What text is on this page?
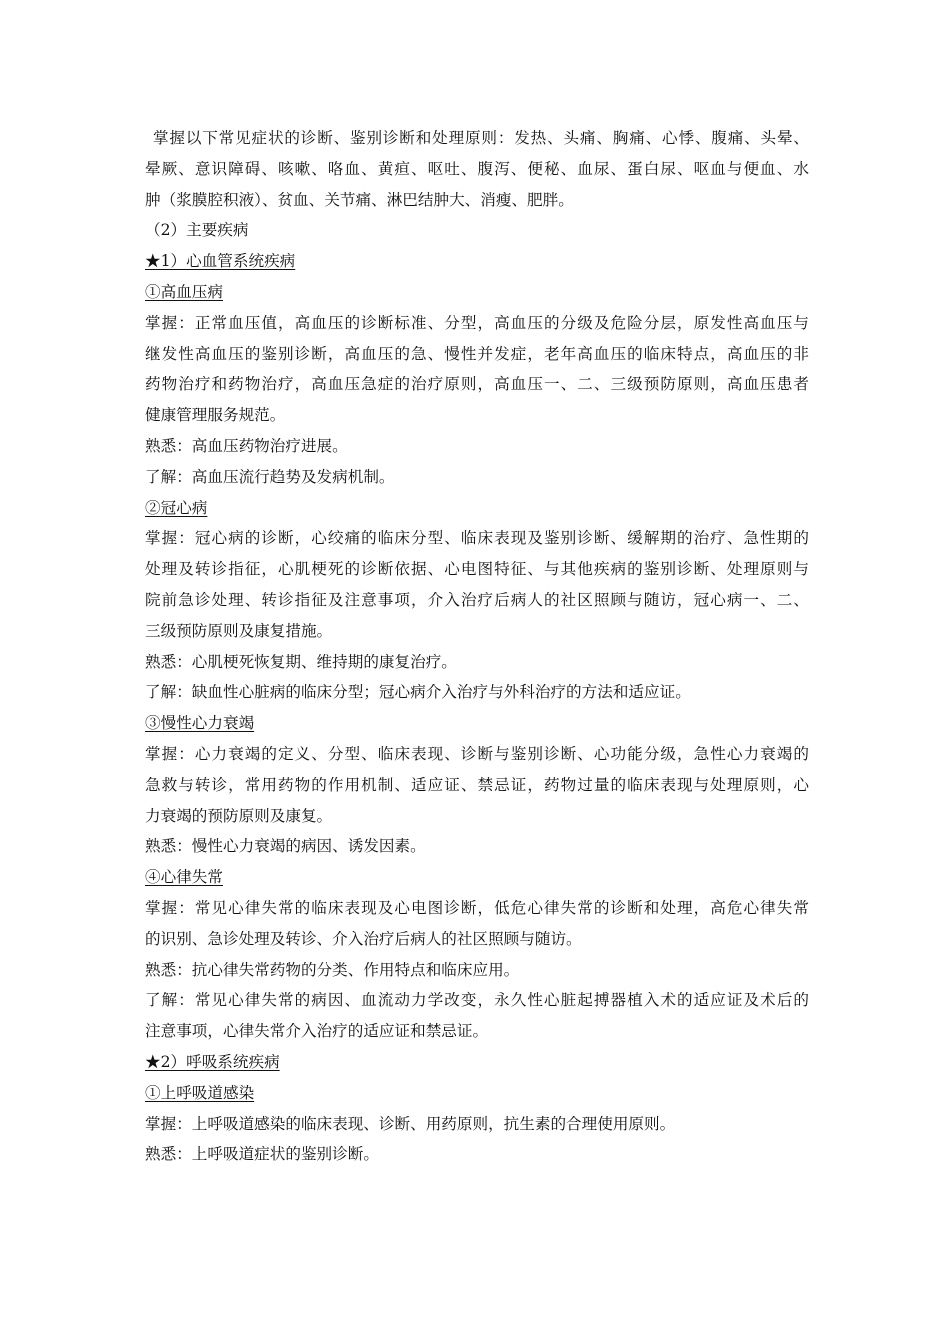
掌握以下常见症状的诊断、鉴别诊断和处理原则：发热、头痛、胸痛、心悸、腹痛、头晕、
晕厥、意识障碍、咳嗽、咯血、黄疸、呕吐、腹泻、便秘、血尿、蛋白尿、呕血与便血、水
肿（浆膜腔积液）、贫血、关节痛、淋巴结肿大、消瘦、肥胖。
（2）主要疾病
★1）心血管系统疾病
①高血压病
掌握：正常血压值，高血压的诊断标准、分型，高血压的分级及危险分层，原发性高血压与
继发性高血压的鉴别诊断，高血压的急、慢性并发症，老年高血压的临床特点，高血压的非
药物治疗和药物治疗，高血压急症的治疗原则，高血压一、二、三级预防原则，高血压患者
健康管理服务规范。
熟悉：高血压药物治疗进展。
了解：高血压流行趋势及发病机制。
②冠心病
掌握：冠心病的诊断，心绞痛的临床分型、临床表现及鉴别诊断、缓解期的治疗、急性期的
处理及转诊指征，心肌梗死的诊断依据、心电图特征、与其他疾病的鉴别诊断、处理原则与
院前急诊处理、转诊指征及注意事项，介入治疗后病人的社区照顾与随访，冠心病一、二、
三级预防原则及康复措施。
熟悉：心肌梗死恢复期、维持期的康复治疗。
了解：缺血性心脏病的临床分型；冠心病介入治疗与外科治疗的方法和适应证。
③慢性心力衰竭
掌握：心力衰竭的定义、分型、临床表现、诊断与鉴别诊断、心功能分级，急性心力衰竭的
急救与转诊，常用药物的作用机制、适应证、禁忌证，药物过量的临床表现与处理原则，心
力衰竭的预防原则及康复。
熟悉：慢性心力衰竭的病因、诱发因素。
④心律失常
掌握：常见心律失常的临床表现及心电图诊断，低危心律失常的诊断和处理，高危心律失常
的识别、急诊处理及转诊、介入治疗后病人的社区照顾与随访。
熟悉：抗心律失常药物的分类、作用特点和临床应用。
了解：常见心律失常的病因、血流动力学改变，永久性心脏起搏器植入术的适应证及术后的
注意事项，心律失常介入治疗的适应证和禁忌证。
★2）呼吸系统疾病
①上呼吸道感染
掌握：上呼吸道感染的临床表现、诊断、用药原则，抗生素的合理使用原则。
熟悉：上呼吸道症状的鉴别诊断。
